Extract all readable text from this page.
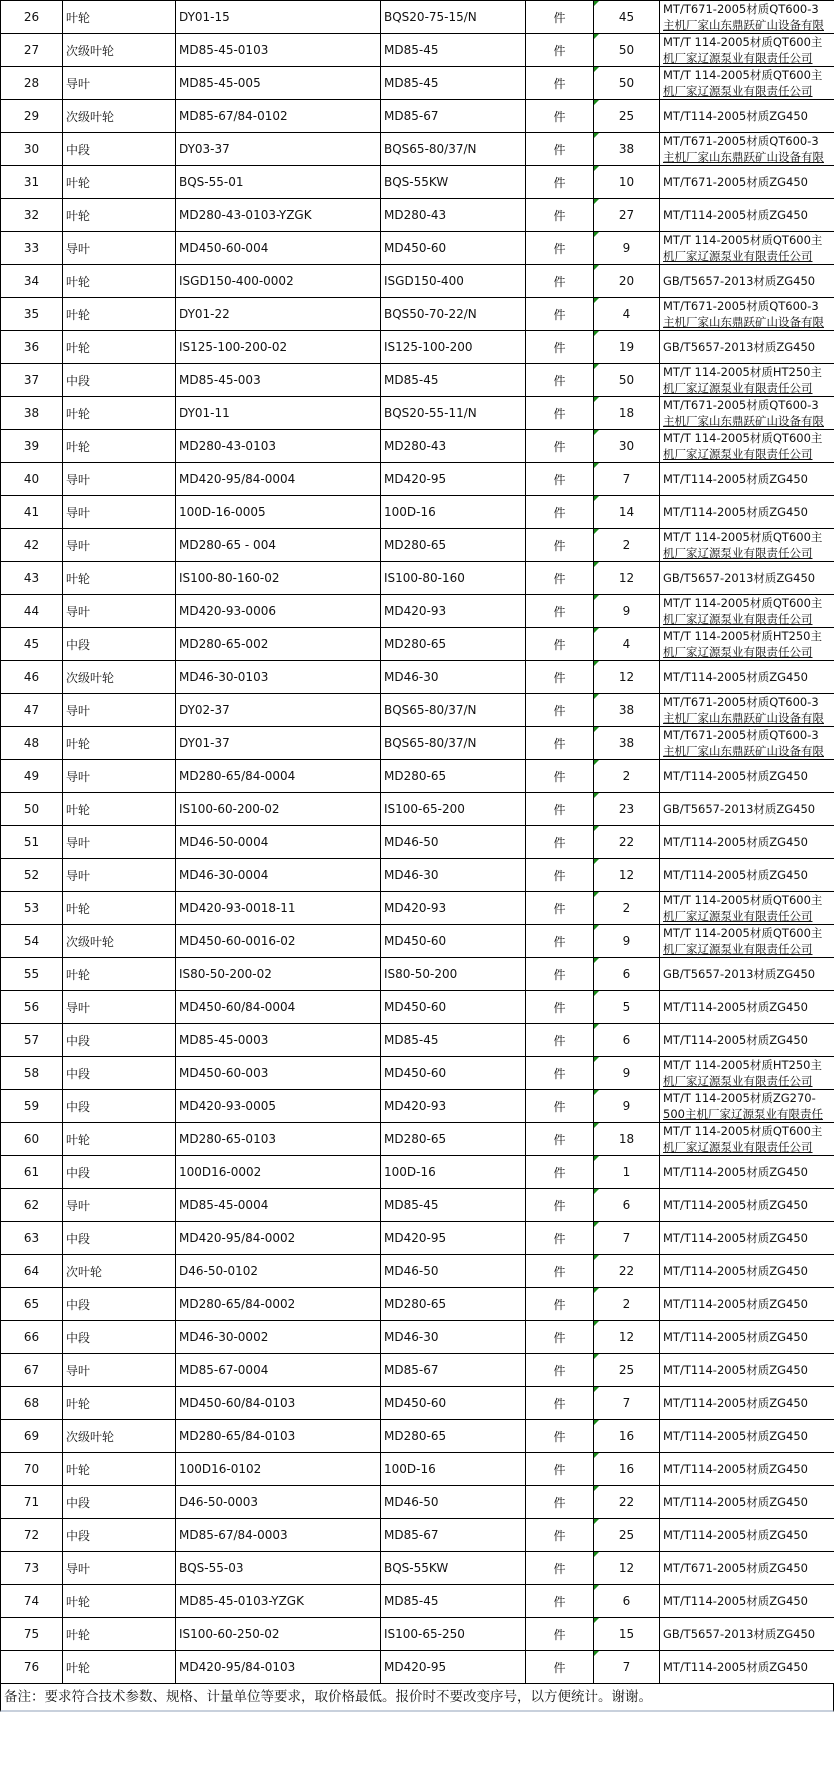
26	叶轮	DY01-15	BQS20-75-15/N	件	45	MT/T671-2005材质QT600-3
主机厂家山东鼎跃矿山设备有限

27	次级叶轮	MD85-45-0103	MD85-45	件	50	MT/T 114-2005材质QT600主
机厂家辽源泵业有限责任公司

28	导叶	MD85-45-005	MD85-45	件	50	MT/T 114-2005材质QT600主
机厂家辽源泵业有限责任公司

29	次级叶轮	MD85-67/84-0102	MD85-67	件	25	MT/T114-2005材质ZG450

30	中段	DY03-37	BQS65-80/37/N	件	38	MT/T671-2005材质QT600-3
主机厂家山东鼎跃矿山设备有限

31	叶轮	BQS-55-01	BQS-55KW	件	10	MT/T671-2005材质ZG450

32	叶轮	MD280-43-0103-YZGK	MD280-43	件	27	MT/T114-2005材质ZG450

33	导叶	MD450-60-004	MD450-60	件	9	MT/T 114-2005材质QT600主
机厂家辽源泵业有限责任公司

34	叶轮	ISGD150-400-0002	ISGD150-400	件	20	GB/T5657-2013材质ZG450

35	叶轮	DY01-22	BQS50-70-22/N	件	4	MT/T671-2005材质QT600-3
主机厂家山东鼎跃矿山设备有限

36	叶轮	IS125-100-200-02	IS125-100-200	件	19	GB/T5657-2013材质ZG450

37	中段	MD85-45-003	MD85-45	件	50	MT/T 114-2005材质HT250主
机厂家辽源泵业有限责任公司

38	叶轮	DY01-11	BQS20-55-11/N	件	18	MT/T671-2005材质QT600-3
主机厂家山东鼎跃矿山设备有限

39	叶轮	MD280-43-0103	MD280-43	件	30	MT/T 114-2005材质QT600主
机厂家辽源泵业有限责任公司

40	导叶	MD420-95/84-0004	MD420-95	件	7	MT/T114-2005材质ZG450

41	导叶	100D-16-0005	100D-16	件	14	MT/T114-2005材质ZG450

42	导叶	MD280-65 - 004	MD280-65	件	2	MT/T 114-2005材质QT600主
机厂家辽源泵业有限责任公司

43	叶轮	IS100-80-160-02	IS100-80-160	件	12	GB/T5657-2013材质ZG450

44	导叶	MD420-93-0006	MD420-93	件	9	MT/T 114-2005材质QT600主
机厂家辽源泵业有限责任公司

45	中段	MD280-65-002	MD280-65	件	4	MT/T 114-2005材质HT250主
机厂家辽源泵业有限责任公司

46	次级叶轮	MD46-30-0103	MD46-30	件	12	MT/T114-2005材质ZG450

47	导叶	DY02-37	BQS65-80/37/N	件	38	MT/T671-2005材质QT600-3
主机厂家山东鼎跃矿山设备有限

48	叶轮	DY01-37	BQS65-80/37/N	件	38	MT/T671-2005材质QT600-3
主机厂家山东鼎跃矿山设备有限

49	导叶	MD280-65/84-0004	MD280-65	件	2	MT/T114-2005材质ZG450

50	叶轮	IS100-60-200-02	IS100-65-200	件	23	GB/T5657-2013材质ZG450

51	导叶	MD46-50-0004	MD46-50	件	22	MT/T114-2005材质ZG450

52	导叶	MD46-30-0004	MD46-30	件	12	MT/T114-2005材质ZG450

53	叶轮	MD420-93-0018-11	MD420-93	件	2	MT/T 114-2005材质QT600主
机厂家辽源泵业有限责任公司

54	次级叶轮	MD450-60-0016-02	MD450-60	件	9	MT/T 114-2005材质QT600主
机厂家辽源泵业有限责任公司

55	叶轮	IS80-50-200-02	IS80-50-200	件	6	GB/T5657-2013材质ZG450

56	导叶	MD450-60/84-0004	MD450-60	件	5	MT/T114-2005材质ZG450

57	中段	MD85-45-0003	MD85-45	件	6	MT/T114-2005材质ZG450

58	中段	MD450-60-003	MD450-60	件	9	MT/T 114-2005材质HT250主
机厂家辽源泵业有限责任公司

59	中段	MD420-93-0005	MD420-93	件	9	MT/T 114-2005材质ZG270-
500主机厂家辽源泵业有限责任

60	叶轮	MD280-65-0103	MD280-65	件	18	MT/T 114-2005材质QT600主
机厂家辽源泵业有限责任公司

61	中段	100D16-0002	100D-16	件	1	MT/T114-2005材质ZG450

62	导叶	MD85-45-0004	MD85-45	件	6	MT/T114-2005材质ZG450

63	中段	MD420-95/84-0002	MD420-95	件	7	MT/T114-2005材质ZG450

64	次叶轮	D46-50-0102	MD46-50	件	22	MT/T114-2005材质ZG450

65	中段	MD280-65/84-0002	MD280-65	件	2	MT/T114-2005材质ZG450

66	中段	MD46-30-0002	MD46-30	件	12	MT/T114-2005材质ZG450

67	导叶	MD85-67-0004	MD85-67	件	25	MT/T114-2005材质ZG450

68	叶轮	MD450-60/84-0103	MD450-60	件	7	MT/T114-2005材质ZG450

69	次级叶轮	MD280-65/84-0103	MD280-65	件	16	MT/T114-2005材质ZG450

70	叶轮	100D16-0102	100D-16	件	16	MT/T114-2005材质ZG450

71	中段	D46-50-0003	MD46-50	件	22	MT/T114-2005材质ZG450

72	中段	MD85-67/84-0003	MD85-67	件	25	MT/T114-2005材质ZG450

73	导叶	BQS-55-03	BQS-55KW	件	12	MT/T671-2005材质ZG450

74	叶轮	MD85-45-0103-YZGK	MD85-45	件	6	MT/T114-2005材质ZG450

75	叶轮	IS100-60-250-02	IS100-65-250	件	15	GB/T5657-2013材质ZG450

76	叶轮	MD420-95/84-0103	MD420-95	件	7	MT/T114-2005材质ZG450
备注：要求符合技术参数、规格、计量单位等要求，取价格最低。报价时不要改变序号，以方便统计。谢谢。
